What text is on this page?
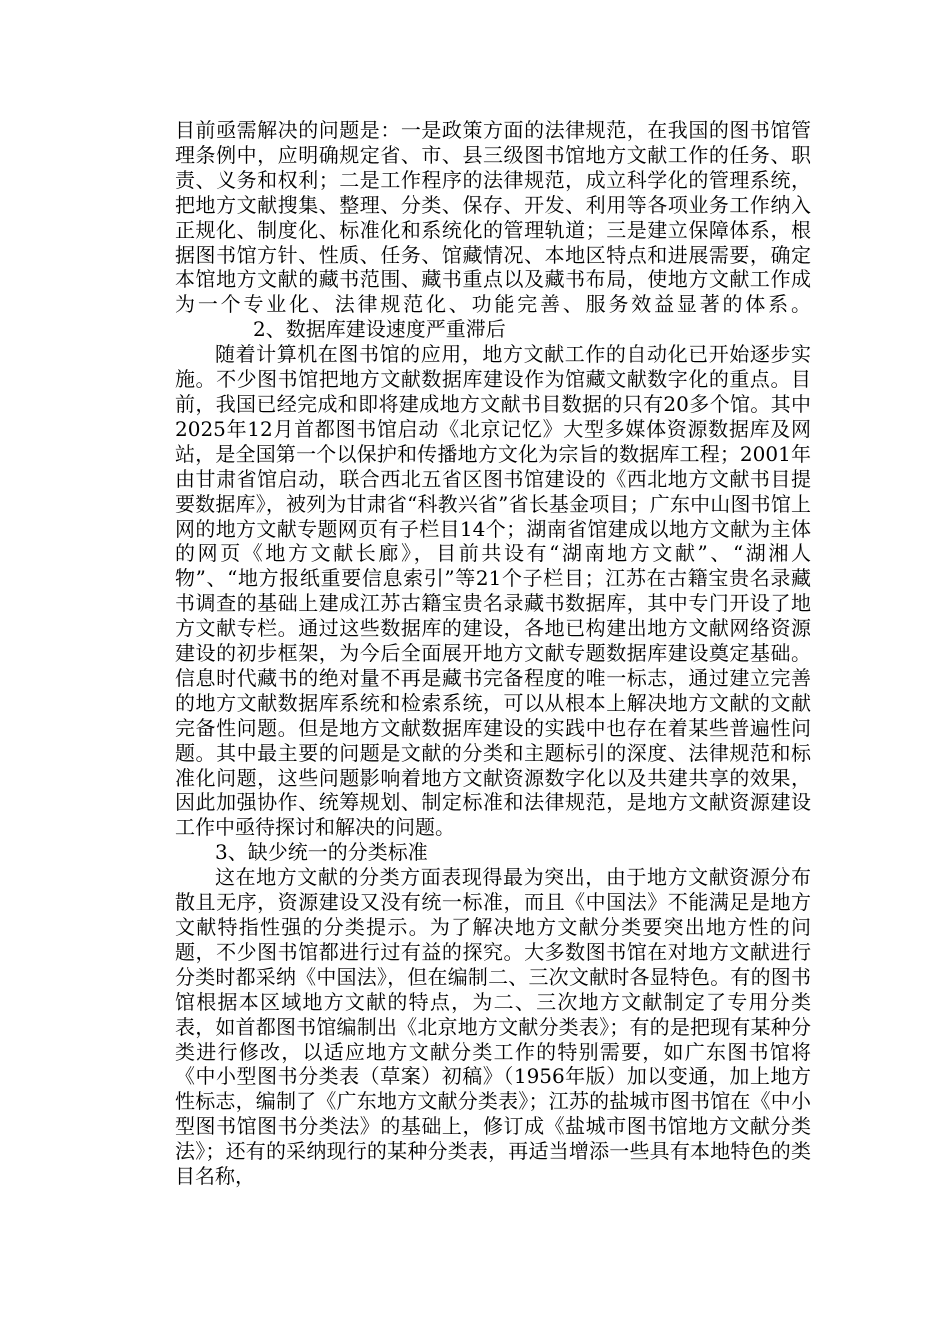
目前亟需解决的问题是：一是政策方面的法律规范，在我国的图书馆管理条例中，应明确规定省、市、县三级图书馆地方文献工作的任务、职责、义务和权利；二是工作程序的法律规范，成立科学化的管理系统，把地方文献搜集、整理、分类、保存、开发、利用等各项业务工作纳入正规化、制度化、标准化和系统化的管理轨道；三是建立保障体系，根据图书馆方针、性质、任务、馆藏情况、本地区特点和进展需要，确定本馆地方文献的藏书范围、藏书重点以及藏书布局，使地方文献工作成为一个专业化、法律规范化、功能完善、服务效益显著的体系。2、数据库建设速度严重滞后

随着计算机在图书馆的应用，地方文献工作的自动化已开始逐步实施。不少图书馆把地方文献数据库建设作为馆藏文献数字化的重点。目前，我国已经完成和即将建成地方文献书目数据的只有20多个馆。其中2025年12月首都图书馆启动《北京记忆》大型多媒体资源数据库及网站，是全国第一个以保护和传播地方文化为宗旨的数据库工程；2001年由甘肃省馆启动，联合西北五省区图书馆建设的《西北地方文献书目提要数据库》，被列为甘肃省“科教兴省”省长基金项目；广东中山图书馆上网的地方文献专题网页有子栏目14个；湖南省馆建成以地方文献为主体的网页《地方文献长廊》，目前共设有“湖南地方文献”、“湖湘人物”、“地方报纸重要信息索引”等21个子栏目；江苏在古籍宝贵名录藏书调查的基础上建成江苏古籍宝贵名录藏书数据库，其中专门开设了地方文献专栏。通过这些数据库的建设，各地已构建出地方文献网络资源建设的初步框架，为今后全面展开地方文献专题数据库建设奠定基础。信息时代藏书的绝对量不再是藏书完备程度的唯一标志，通过建立完善的地方文献数据库系统和检索系统，可以从根本上解决地方文献的文献完备性问题。但是地方文献数据库建设的实践中也存在着某些普遍性问题。其中最主要的问题是文献的分类和主题标引的深度、法律规范和标准化问题，这些问题影响着地方文献资源数字化以及共建共享的效果，因此加强协作、统筹规划、制定标准和法律规范，是地方文献资源建设工作中亟待探讨和解决的问题。

3、缺少统一的分类标准

这在地方文献的分类方面表现得最为突出，由于地方文献资源分布散且无序，资源建设又没有统一标准，而且《中国法》不能满足是地方文献特指性强的分类提示。为了解决地方文献分类要突出地方性的问题，不少图书馆都进行过有益的探究。大多数图书馆在对地方文献进行分类时都采纳《中国法》，但在编制二、三次文献时各显特色。有的图书馆根据本区域地方文献的特点，为二、三次地方文献制定了专用分类表，如首都图书馆编制出《北京地方文献分类表》；有的是把现有某种分类进行修改，以适应地方文献分类工作的特别需要，如广东图书馆将《中小型图书分类表（草案）初稿》（1956年版）加以变通，加上地方性标志，编制了《广东地方文献分类表》；江苏的盐城市图书馆在《中小型图书馆图书分类法》的基础上，修订成《盐城市图书馆地方文献分类法》；还有的采纳现行的某种分类表，再适当增添一些具有本地特色的类目名称，
